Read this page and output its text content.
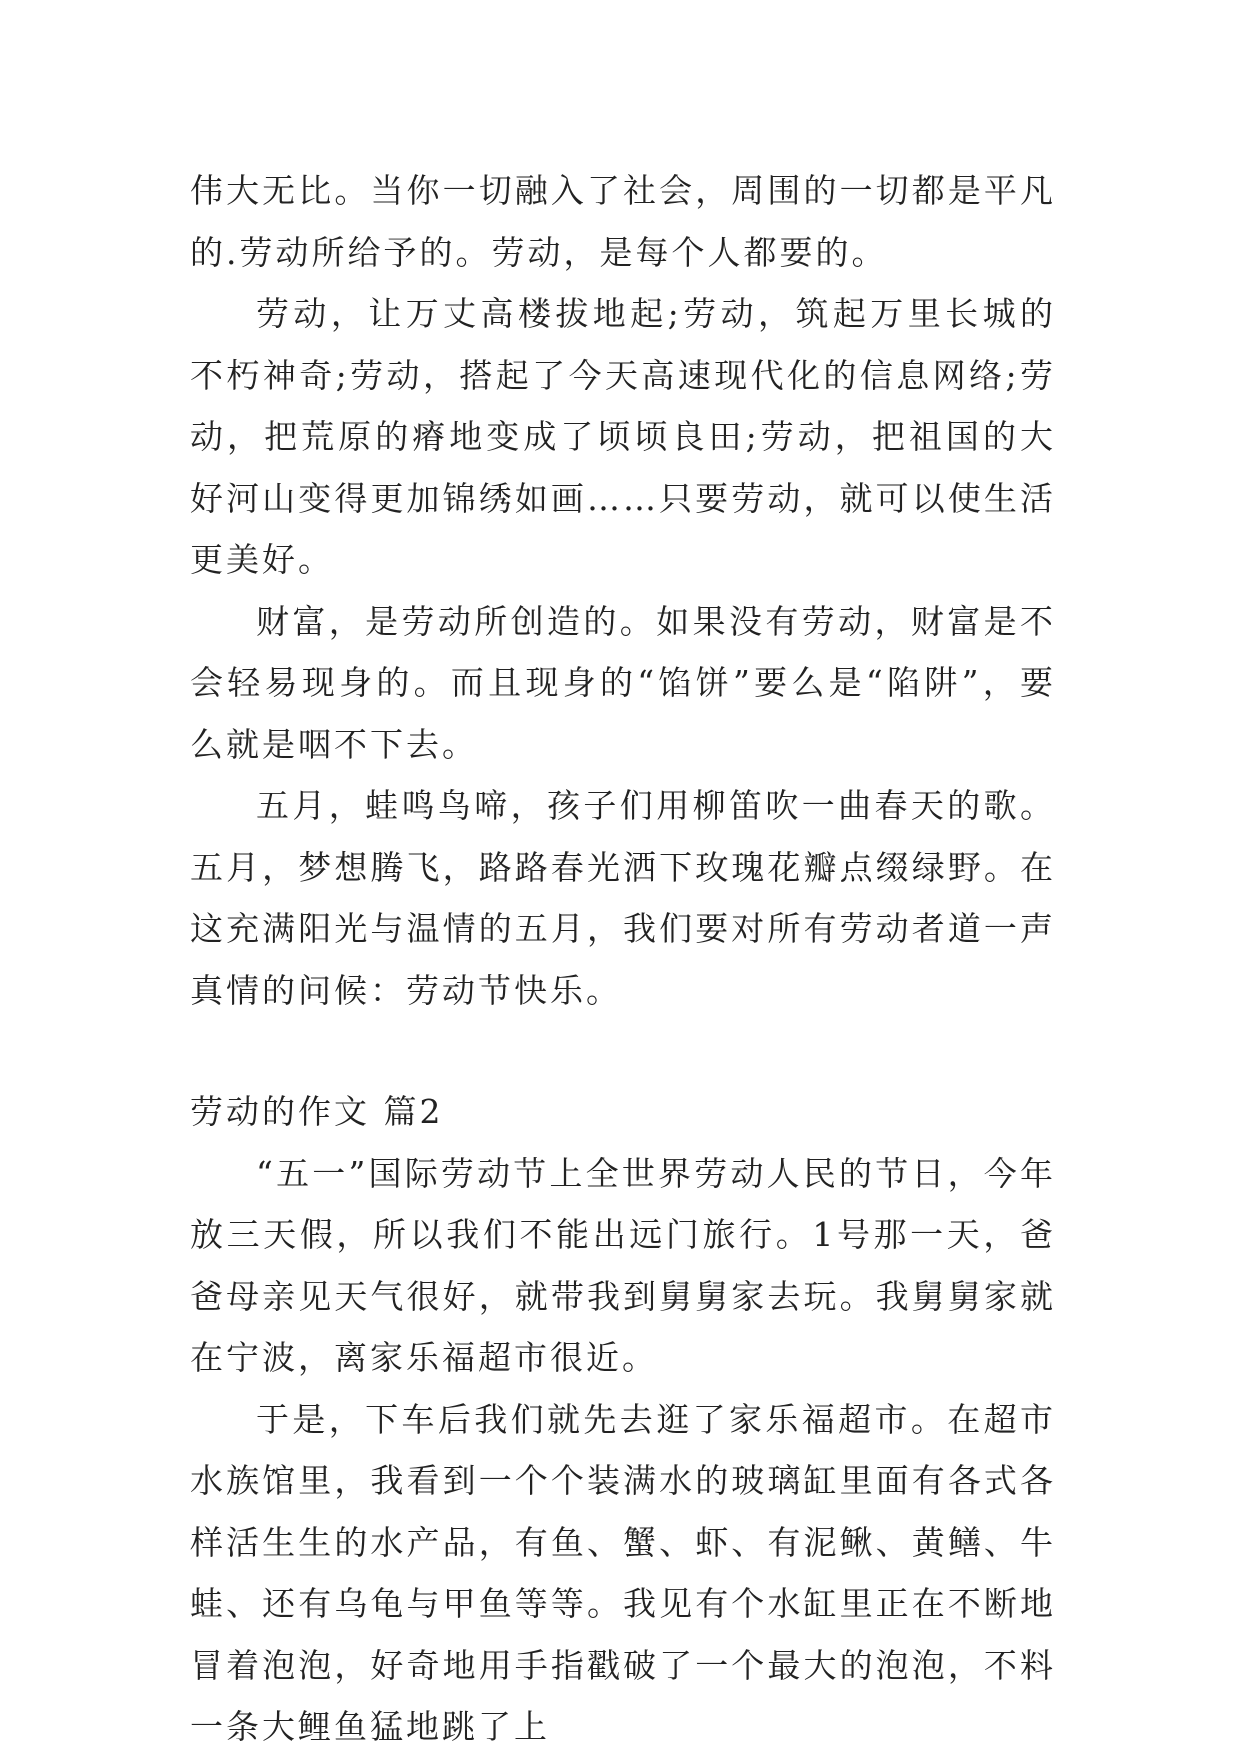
伟大无比。当你一切融入了社会，周围的一切都是平凡的.劳动所给予的。劳动，是每个人都要的。

劳动，让万丈高楼拔地起;劳动，筑起万里长城的不朽神奇;劳动，搭起了今天高速现代化的信息网络;劳动，把荒原的瘠地变成了顷顷良田;劳动，把祖国的大好河山变得更加锦绣如画……只要劳动，就可以使生活更美好。

财富，是劳动所创造的。如果没有劳动，财富是不会轻易现身的。而且现身的“馅饼”要么是“陷阱”，要么就是咽不下去。

五月，蛙鸣鸟啼，孩子们用柳笛吹一曲春天的歌。五月，梦想腾飞，路路春光洒下玫瑰花瓣点缀绿野。在这充满阳光与温情的五月，我们要对所有劳动者道一声真情的问候：劳动节快乐。

劳动的作文 篇2

“五一”国际劳动节上全世界劳动人民的节日，今年放三天假，所以我们不能出远门旅行。1号那一天，爸爸母亲见天气很好，就带我到舅舅家去玩。我舅舅家就在宁波，离家乐福超市很近。

于是，下车后我们就先去逛了家乐福超市。在超市水族馆里，我看到一个个装满水的玻璃缸里面有各式各样活生生的水产品，有鱼、蟹、虾、有泥鳅、黄鳝、牛蛙、还有乌龟与甲鱼等等。我见有个水缸里正在不断地冒着泡泡，好奇地用手指戳破了一个最大的泡泡，不料一条大鲤鱼猛地跳了上
